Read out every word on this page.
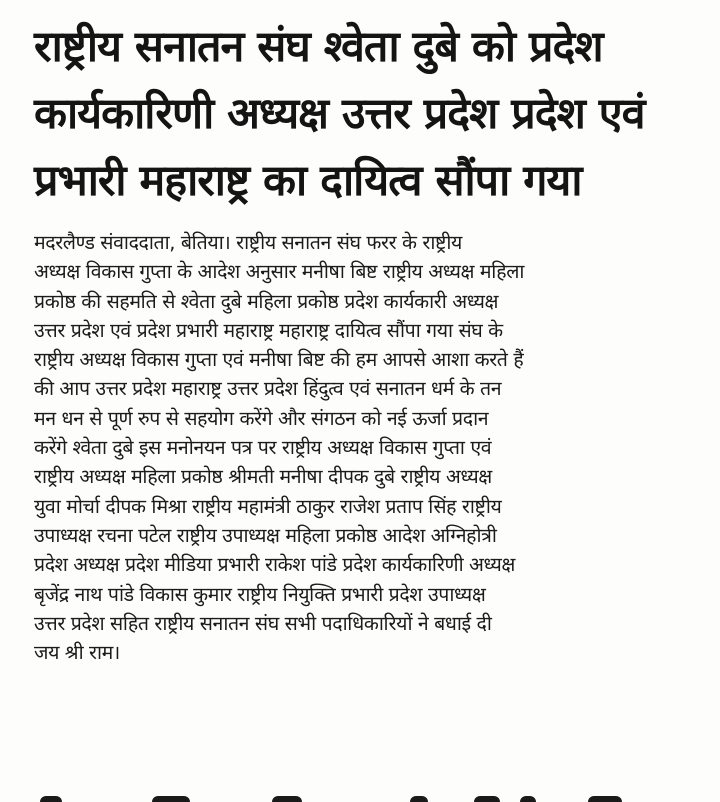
राष्ट्रीय सनातन संघ श्वेता दुबे को प्रदेश
कार्यकारिणी अध्यक्ष उत्तर प्रदेश प्रदेश एवं
प्रभारी महाराष्ट्र का दायित्व सौंपा गया
मदरलैण्ड संवाददाता, बेतिया। राष्ट्रीय सनातन संघ फरर के राष्ट्रीय
अध्यक्ष विकास गुप्ता के आदेश अनुसार मनीषा बिष्ट राष्ट्रीय अध्यक्ष महिला
प्रकोष्ठ की सहमति से श्वेता दुबे महिला प्रकोष्ठ प्रदेश कार्यकारी अध्यक्ष
उत्तर प्रदेश एवं प्रदेश प्रभारी महाराष्ट्र महाराष्ट्र दायित्व सौंपा गया संघ के
राष्ट्रीय अध्यक्ष विकास गुप्ता एवं मनीषा बिष्ट की हम आपसे आशा करते हैं
की आप उत्तर प्रदेश महाराष्ट्र उत्तर प्रदेश हिंदुत्व एवं सनातन धर्म के तन
मन धन से पूर्ण रुप से सहयोग करेंगे और संगठन को नई ऊर्जा प्रदान
करेंगे श्वेता दुबे इस मनोनयन पत्र पर राष्ट्रीय अध्यक्ष विकास गुप्ता एवं
राष्ट्रीय अध्यक्ष महिला प्रकोष्ठ श्रीमती मनीषा दीपक दुबे राष्ट्रीय अध्यक्ष
युवा मोर्चा दीपक मिश्रा राष्ट्रीय महामंत्री ठाकुर राजेश प्रताप सिंह राष्ट्रीय
उपाध्यक्ष रचना पटेल राष्ट्रीय उपाध्यक्ष महिला प्रकोष्ठ आदेश अग्निहोत्री
प्रदेश अध्यक्ष प्रदेश मीडिया प्रभारी राकेश पांडे प्रदेश कार्यकारिणी अध्यक्ष
बृजेंद्र नाथ पांडे विकास कुमार राष्ट्रीय नियुक्ति प्रभारी प्रदेश उपाध्यक्ष
उत्तर प्रदेश सहित राष्ट्रीय सनातन संघ सभी पदाधिकारियों ने बधाई दी
जय श्री राम।
